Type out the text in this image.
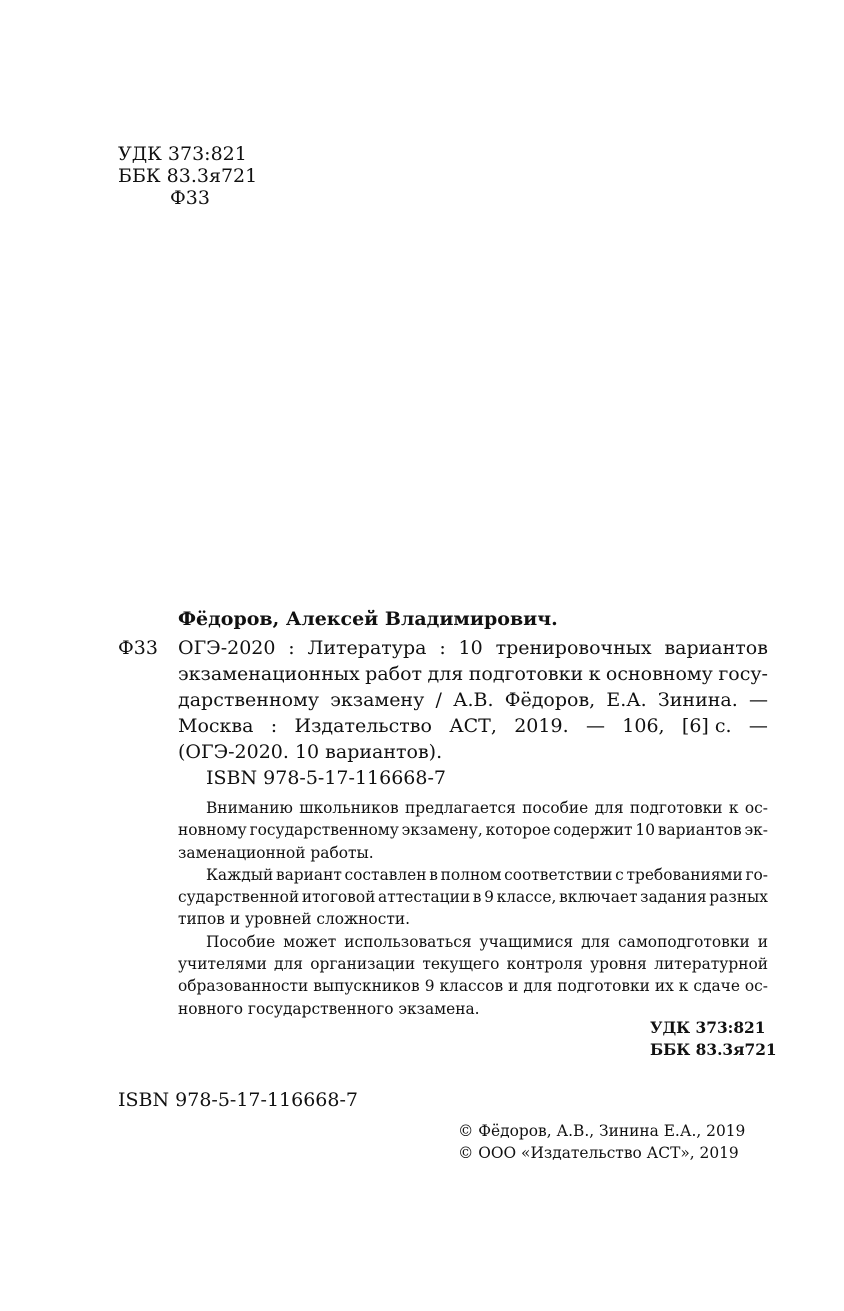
УДК 373:821
ББК 83.3я721
Ф33
Фёдоров, Алексей Владимирович.
Ф33 ОГЭ-2020 : Литература : 10 тренировочных вариантов
экзаменационных работ для подготовки к основному госу-
дарственному экзамену / А.В. Фёдоров, Е.А. Зинина. —
Москва : Издательство АСТ, 2019. — 106, [6] с. —
(ОГЭ-2020. 10 вариантов).
ISBN 978-5-17-116668-7
Вниманию школьников предлагается пособие для подготовки к ос-
новному государственному экзамену, которое содержит 10 вариантов эк-
заменационной работы.
Каждый вариант составлен в полном соответствии с требованиями го-
сударственной итоговой аттестации в 9 классе, включает задания разных
типов и уровней сложности.
Пособие может использоваться учащимися для самоподготовки и
учителями для организации текущего контроля уровня литературной
образованности выпускников 9 классов и для подготовки их к сдаче ос-
новного государственного экзамена.
УДК 373:821
ББК 83.3я721
ISBN 978-5-17-116668-7
© Фёдоров, А.В., Зинина Е.А., 2019
© ООО «Издательство АСТ», 2019
